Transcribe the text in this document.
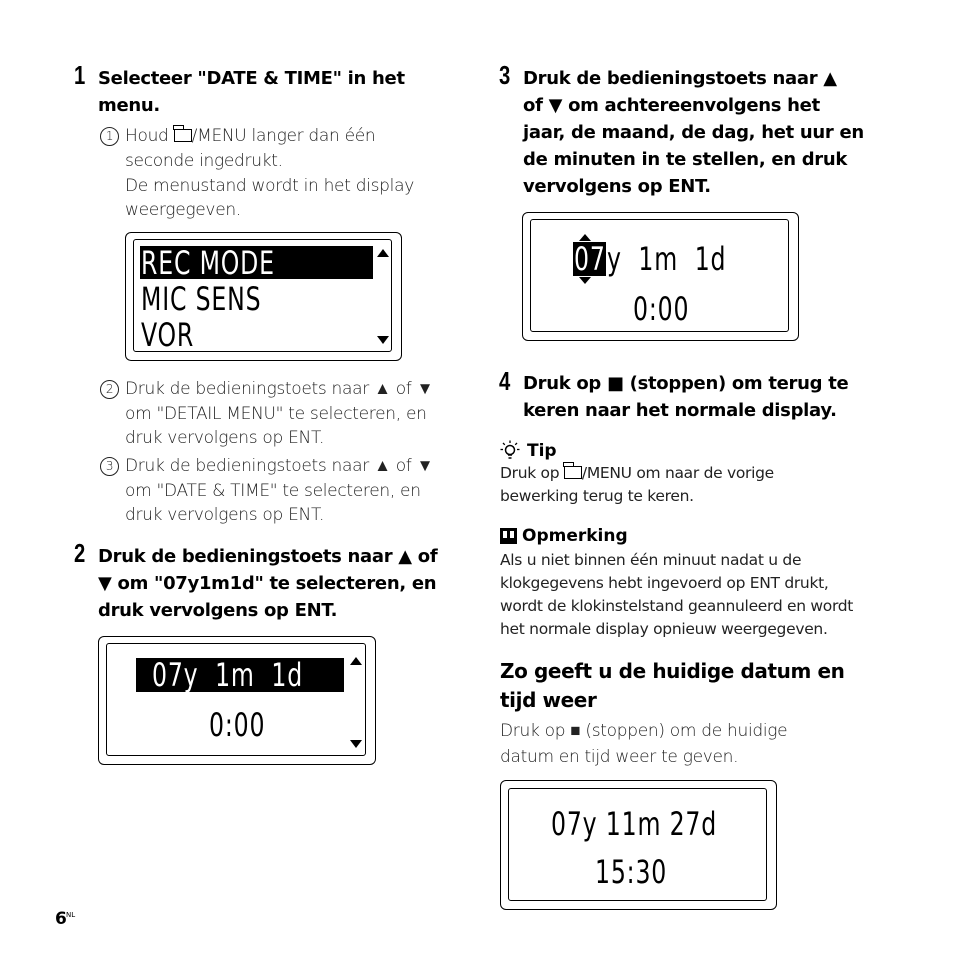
1 Selecteer "DATE & TIME" in het
menu.
1 Houd /MENU langer dan één
seconde ingedrukt.
De menustand wordt in het display
weergegeven.
REC MODE
MIC SENS
VOR
2 Druk de bedieningstoets naar ▲ of ▼
om "DETAIL MENU" te selecteren, en
druk vervolgens op ENT.
3 Druk de bedieningstoets naar ▲ of ▼
om "DATE & TIME" te selecteren, en
druk vervolgens op ENT.
2 Druk de bedieningstoets naar ▲ of
▼ om "07y1m1d" te selecteren, en
druk vervolgens op ENT.
07y  1m  1d
0:00
6 NL
3 Druk de bedieningstoets naar ▲
of ▼ om achtereenvolgens het
jaar, de maand, de dag, het uur en
de minuten in te stellen, en druk
vervolgens op ENT.
07 y  1m  1d
0:00
4 Druk op ■ (stoppen) om terug te
keren naar het normale display.
Tip
Druk op /MENU om naar de vorige
bewerking terug te keren.
Opmerking
Als u niet binnen één minuut nadat u de
klokgegevens hebt ingevoerd op ENT drukt,
wordt de klokinstelstand geannuleerd en wordt
het normale display opnieuw weergegeven.
Zo geeft u de huidige datum en
tijd weer
Druk op ■ (stoppen) om de huidige
datum en tijd weer te geven.
07y 11m 27d
15:30
